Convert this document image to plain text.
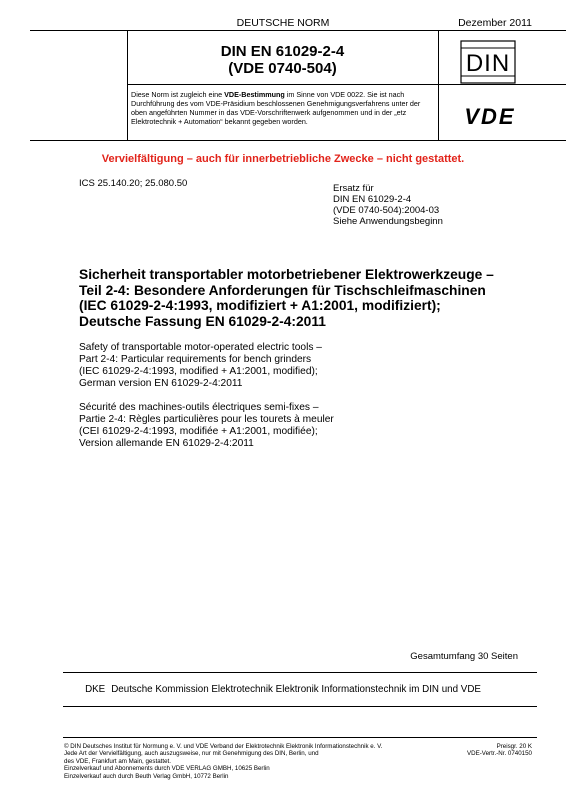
DEUTSCHE NORM	Dezember 2011
DIN EN 61029-2-4
(VDE 0740-504)	DIN
Diese Norm ist zugleich eine VDE-Bestimmung im Sinne von VDE 0022. Sie ist nach Durchführung des vom VDE-Präsidium beschlossenen Genehmigungsverfahrens unter der oben angeführten Nummer in das VDE-Vorschriftenwerk aufgenommen und in der „etz Elektrotechnik + Automation“ bekannt gegeben worden.	VDE
Vervielfältigung – auch für innerbetriebliche Zwecke – nicht gestattet.
ICS 25.140.20; 25.080.50	Ersatz für
DIN EN 61029-2-4
(VDE 0740-504):2004-03
Siehe Anwendungsbeginn
Sicherheit transportabler motorbetriebener Elektrowerkzeuge –
Teil 2-4: Besondere Anforderungen für Tischschleifmaschinen
(IEC 61029-2-4:1993, modifiziert + A1:2001, modifiziert);
Deutsche Fassung EN 61029-2-4:2011
Safety of transportable motor-operated electric tools –
Part 2-4: Particular requirements for bench grinders
(IEC 61029-2-4:1993, modified + A1:2001, modified);
German version EN 61029-2-4:2011
Sécurité des machines-outils électriques semi-fixes –
Partie 2-4: Règles particulières pour les tourets à meuler
(CEI 61029-2-4:1993, modifiée + A1:2001, modifiée);
Version allemande EN 61029-2-4:2011
Gesamtumfang 30 Seiten
DKE Deutsche Kommission Elektrotechnik Elektronik Informationstechnik im DIN und VDE
© DIN Deutsches Institut für Normung e. V. und VDE Verband der Elektrotechnik Elektronik Informationstechnik e. V.
Jede Art der Vervielfältigung, auch auszugsweise, nur mit Genehmigung des DIN, Berlin, und
des VDE, Frankfurt am Main, gestattet.
Einzelverkauf und Abonnements durch VDE VERLAG GMBH, 10625 Berlin
Einzelverkauf auch durch Beuth Verlag GmbH, 10772 Berlin
Preisgr. 20 K
VDE-Vertr.-Nr. 0740150
